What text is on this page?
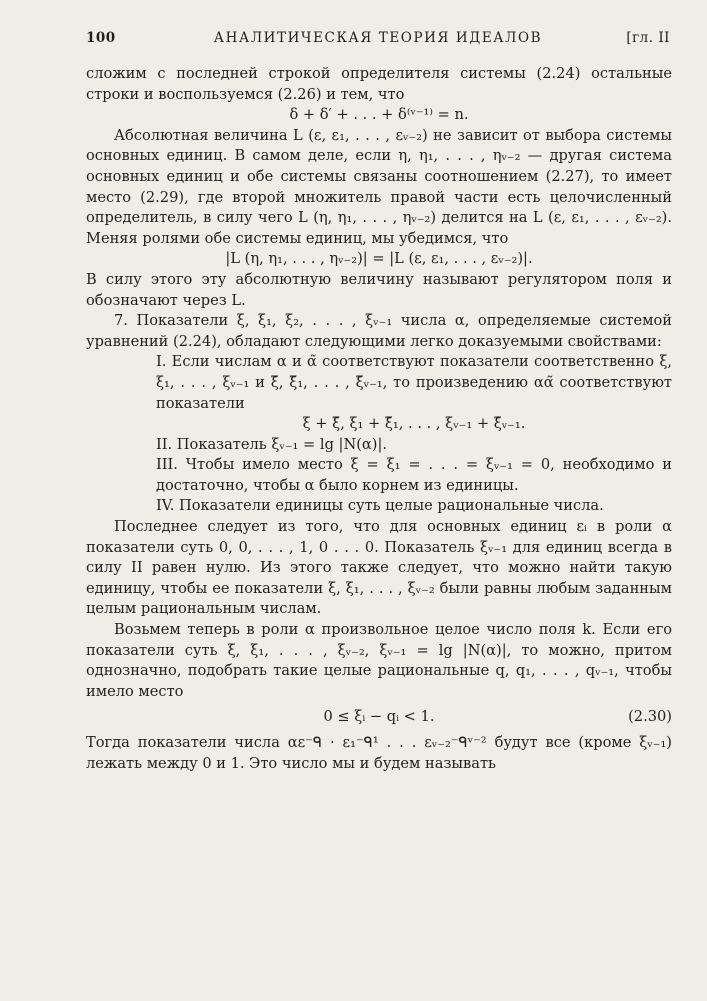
100	АНАЛИТИЧЕСКАЯ ТЕОРИЯ ИДЕАЛОВ	[гл. II

сложим с последней строкой определителя системы (2.24) остальные строки и воспользуемся (2.26) и тем, что

δ + δ′ + . . . + δ⁽ᵛ⁻¹⁾ = n.

Абсолютная величина L (ε, ε₁, . . . , εᵥ₋₂) не зависит от выбора системы основных единиц. В самом деле, если η, η₁, . . . , ηᵥ₋₂ — другая система основных единиц и обе системы связаны соотношением (2.27), то имеет место (2.29), где второй множитель правой части есть целочисленный определитель, в силу чего L (η, η₁, . . . , ηᵥ₋₂) делится на L (ε, ε₁, . . . , εᵥ₋₂). Меняя ролями обе системы единиц, мы убедимся, что

|L (η, η₁, . . . , ηᵥ₋₂)| = |L (ε, ε₁, . . . , εᵥ₋₂)|.

В силу этого эту абсолютную величину называют регулятором поля и обозначают через L.

7. Показатели ξ, ξ₁, ξ₂, . . . , ξᵥ₋₁ числа α, определяемые системой уравнений (2.24), обладают следующими легко доказуемыми свойствами:

I. Если числам α и α̃ соответствуют показатели соответственно ξ, ξ₁, . . . , ξᵥ₋₁ и ξ̃, ξ̃₁, . . . , ξ̃ᵥ₋₁, то произведению αα̃ соответствуют показатели

ξ + ξ̃, ξ₁ + ξ̃₁, . . . , ξᵥ₋₁ + ξ̃ᵥ₋₁.

II. Показатель ξᵥ₋₁ = lg |N(α)|.

III. Чтобы имело место ξ = ξ₁ = . . . = ξᵥ₋₁ = 0, необходимо и достаточно, чтобы α было корнем из единицы.

IV. Показатели единицы суть целые рациональные числа.

Последнее следует из того, что для основных единиц εᵢ в роли α показатели суть 0, 0, . . . , 1, 0 . . . 0. Показатель ξᵥ₋₁ для единиц всегда в силу II равен нулю. Из этого также следует, что можно найти такую единицу, чтобы ее показатели ξ, ξ₁, . . . , ξᵥ₋₂ были равны любым заданным целым рациональным числам.

Возьмем теперь в роли α произвольное целое число поля k. Если его показатели суть ξ, ξ₁, . . . , ξᵥ₋₂, ξᵥ₋₁ = lg |N(α)|, то можно, притом однозначно, подобрать такие целые рациональные q, q₁, . . . , qᵥ₋₁, чтобы имело место

0 ≤ ξᵢ − qᵢ < 1.	(2.30)

Тогда показатели числа αε⁻ᑫ · ε₁⁻ᑫ¹ . . . εᵥ₋₂⁻ᑫᵛ⁻² будут все (кроме ξᵥ₋₁) лежать между 0 и 1. Это число мы и будем называть
